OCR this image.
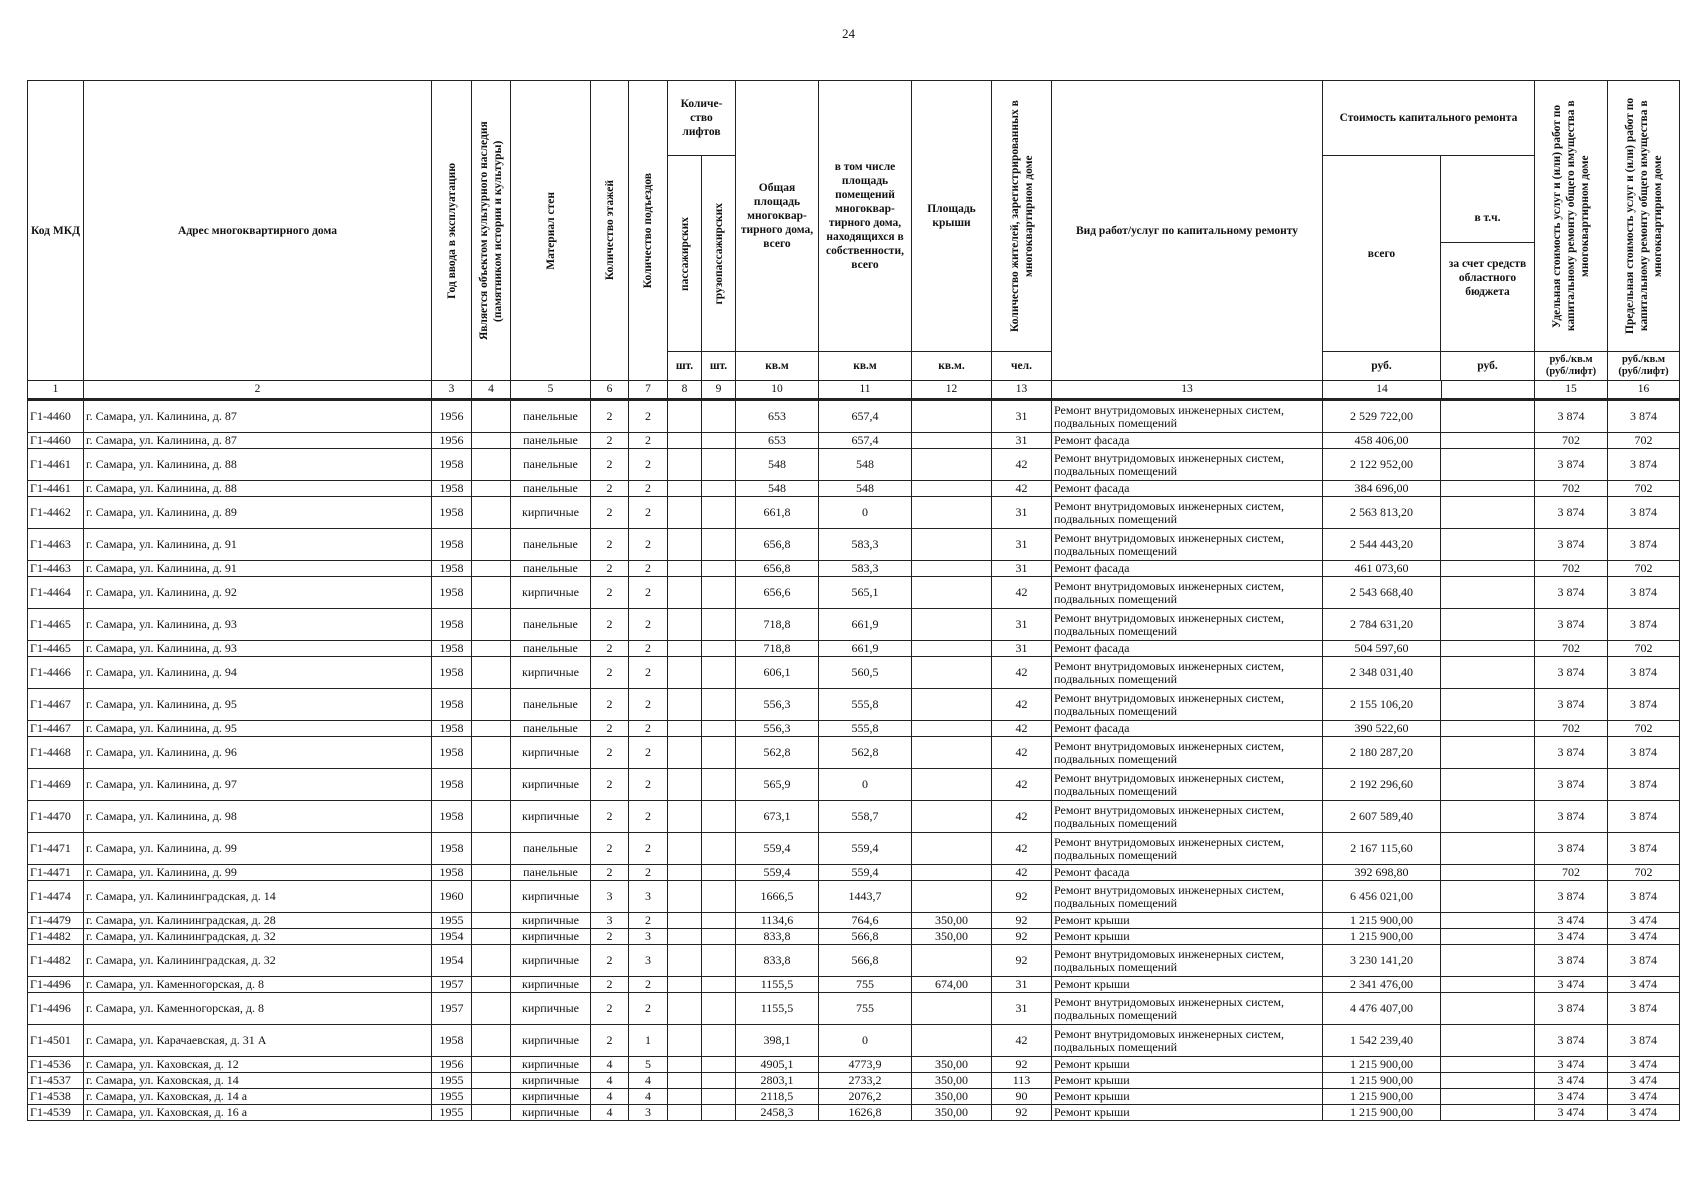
24
Код МКД	Адрес многоквартирного дома	Год ввода в эксплуатацию	Является объектом культурного наследия (памятником истории и культуры)	Материал стен	Количество этажей	Количество подъездов	Количе-ство лифтов		Общая площадь многоквар-тирного дома, всего	в том числе площадь помещений многоквар-тирного дома, находящихся в собственности, всего	Площадь крыши	Количество жителей, зарегистрированных в многоквартирном доме	Вид работ/услуг по капитальному ремонту	Стоимость капитального ремонта		Удельная стоимость услуг и (или) работ по капитальному ремонту общего имущества в многоквартирном доме	Предельная стоимость услуг и (или) работ по капитальному ремонту общего имущества в многоквартирном доме

							пассажирских	грузопассажирских						всего	в т.ч.
за счет средств областного бюджета		

							шт.	шт.	кв.м	кв.м	кв.м.	чел.		руб.	руб.	руб./кв.м (руб/лифт)	руб./кв.м (руб/лифт)
1	2	3	4	5	6	7	8	9	10	11	12	13	13	14		15	16
Г1-4460	г. Самара, ул. Калинина, д. 87	1956		панельные	2	2			653	657,4		31	Ремонт внутридомовых инженерных систем, подвальных помещений	2 529 722,00		3 874	3 874
Г1-4460	г. Самара, ул. Калинина, д. 87	1956		панельные	2	2			653	657,4		31	Ремонт фасада	458 406,00		702	702
Г1-4461	г. Самара, ул. Калинина, д. 88	1958		панельные	2	2			548	548		42	Ремонт внутридомовых инженерных систем, подвальных помещений	2 122 952,00		3 874	3 874
Г1-4461	г. Самара, ул. Калинина, д. 88	1958		панельные	2	2			548	548		42	Ремонт фасада	384 696,00		702	702
Г1-4462	г. Самара, ул. Калинина, д. 89	1958		кирпичные	2	2			661,8	0		31	Ремонт внутридомовых инженерных систем, подвальных помещений	2 563 813,20		3 874	3 874
Г1-4463	г. Самара, ул. Калинина, д. 91	1958		панельные	2	2			656,8	583,3		31	Ремонт внутридомовых инженерных систем, подвальных помещений	2 544 443,20		3 874	3 874
Г1-4463	г. Самара, ул. Калинина, д. 91	1958		панельные	2	2			656,8	583,3		31	Ремонт фасада	461 073,60		702	702
Г1-4464	г. Самара, ул. Калинина, д. 92	1958		кирпичные	2	2			656,6	565,1		42	Ремонт внутридомовых инженерных систем, подвальных помещений	2 543 668,40		3 874	3 874
Г1-4465	г. Самара, ул. Калинина, д. 93	1958		панельные	2	2			718,8	661,9		31	Ремонт внутридомовых инженерных систем, подвальных помещений	2 784 631,20		3 874	3 874
Г1-4465	г. Самара, ул. Калинина, д. 93	1958		панельные	2	2			718,8	661,9		31	Ремонт фасада	504 597,60		702	702
Г1-4466	г. Самара, ул. Калинина, д. 94	1958		кирпичные	2	2			606,1	560,5		42	Ремонт внутридомовых инженерных систем, подвальных помещений	2 348 031,40		3 874	3 874
Г1-4467	г. Самара, ул. Калинина, д. 95	1958		панельные	2	2			556,3	555,8		42	Ремонт внутридомовых инженерных систем, подвальных помещений	2 155 106,20		3 874	3 874
Г1-4467	г. Самара, ул. Калинина, д. 95	1958		панельные	2	2			556,3	555,8		42	Ремонт фасада	390 522,60		702	702
Г1-4468	г. Самара, ул. Калинина, д. 96	1958		кирпичные	2	2			562,8	562,8		42	Ремонт внутридомовых инженерных систем, подвальных помещений	2 180 287,20		3 874	3 874
Г1-4469	г. Самара, ул. Калинина, д. 97	1958		кирпичные	2	2			565,9	0		42	Ремонт внутридомовых инженерных систем, подвальных помещений	2 192 296,60		3 874	3 874
Г1-4470	г. Самара, ул. Калинина, д. 98	1958		кирпичные	2	2			673,1	558,7		42	Ремонт внутридомовых инженерных систем, подвальных помещений	2 607 589,40		3 874	3 874
Г1-4471	г. Самара, ул. Калинина, д. 99	1958		панельные	2	2			559,4	559,4		42	Ремонт внутридомовых инженерных систем, подвальных помещений	2 167 115,60		3 874	3 874
Г1-4471	г. Самара, ул. Калинина, д. 99	1958		панельные	2	2			559,4	559,4		42	Ремонт фасада	392 698,80		702	702
Г1-4474	г. Самара, ул. Калининградская, д. 14	1960		кирпичные	3	3			1666,5	1443,7		92	Ремонт внутридомовых инженерных систем, подвальных помещений	6 456 021,00		3 874	3 874
Г1-4479	г. Самара, ул. Калининградская, д. 28	1955		кирпичные	3	2			1134,6	764,6	350,00	92	Ремонт крыши	1 215 900,00		3 474	3 474
Г1-4482	г. Самара, ул. Калининградская, д. 32	1954		кирпичные	2	3			833,8	566,8	350,00	92	Ремонт крыши	1 215 900,00		3 474	3 474
Г1-4482	г. Самара, ул. Калининградская, д. 32	1954		кирпичные	2	3			833,8	566,8		92	Ремонт внутридомовых инженерных систем, подвальных помещений	3 230 141,20		3 874	3 874
Г1-4496	г. Самара, ул. Каменногорская, д. 8	1957		кирпичные	2	2			1155,5	755	674,00	31	Ремонт крыши	2 341 476,00		3 474	3 474
Г1-4496	г. Самара, ул. Каменногорская, д. 8	1957		кирпичные	2	2			1155,5	755		31	Ремонт внутридомовых инженерных систем, подвальных помещений	4 476 407,00		3 874	3 874
Г1-4501	г. Самара, ул. Карачаевская, д. 31 А	1958		кирпичные	2	1			398,1	0		42	Ремонт внутридомовых инженерных систем, подвальных помещений	1 542 239,40		3 874	3 874
Г1-4536	г. Самара, ул. Каховская, д. 12	1956		кирпичные	4	5			4905,1	4773,9	350,00	92	Ремонт крыши	1 215 900,00		3 474	3 474
Г1-4537	г. Самара, ул. Каховская, д. 14	1955		кирпичные	4	4			2803,1	2733,2	350,00	113	Ремонт крыши	1 215 900,00		3 474	3 474
Г1-4538	г. Самара, ул. Каховская, д. 14 а	1955		кирпичные	4	4			2118,5	2076,2	350,00	90	Ремонт крыши	1 215 900,00		3 474	3 474
Г1-4539	г. Самара, ул. Каховская, д. 16 а	1955		кирпичные	4	3			2458,3	1626,8	350,00	92	Ремонт крыши	1 215 900,00		3 474	3 474
